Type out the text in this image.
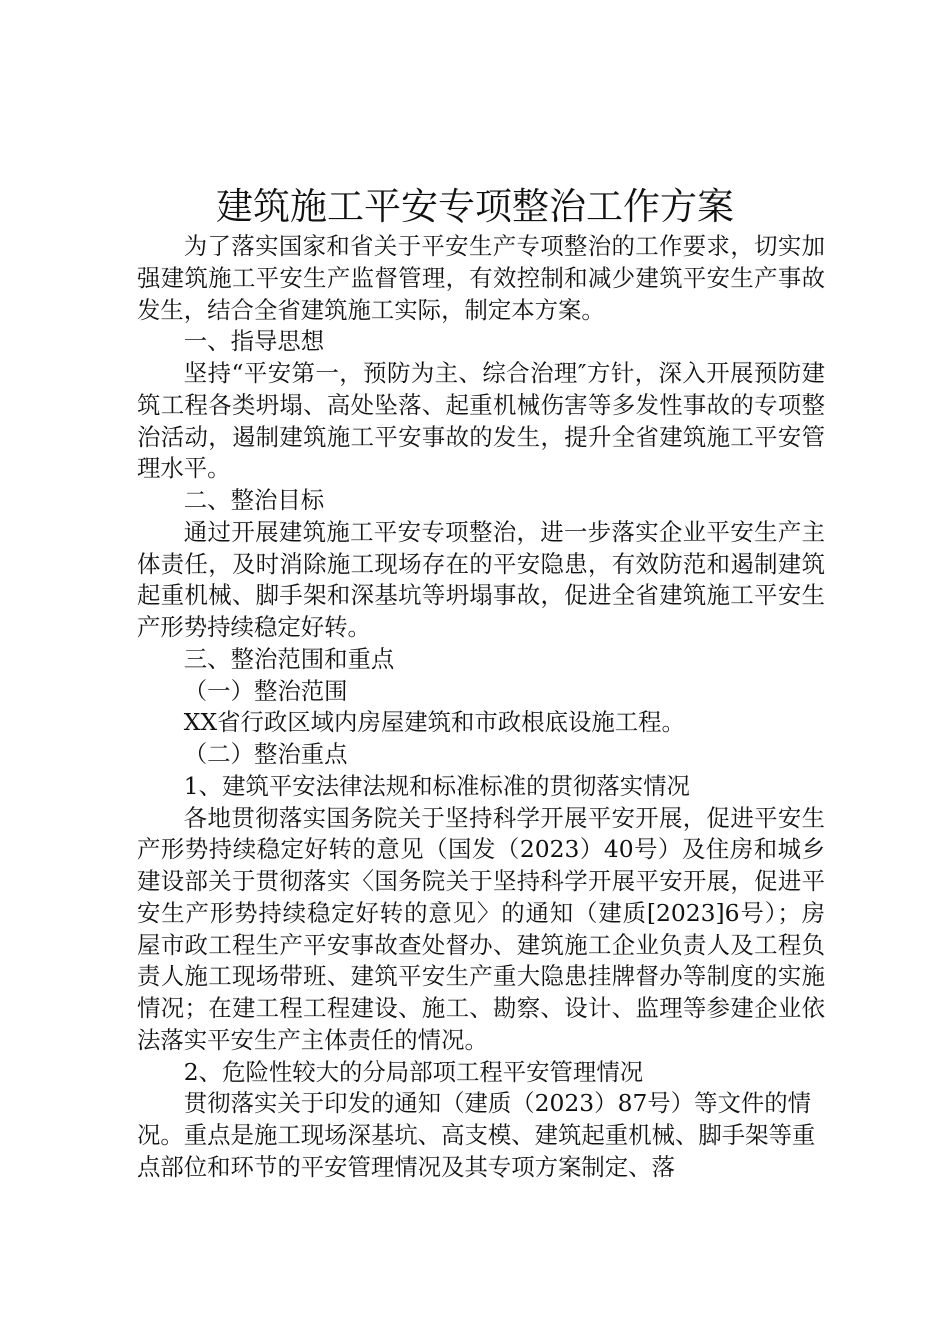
建筑施工平安专项整治工作方案

为了落实国家和省关于平安生产专项整治的工作要求，切实加强建筑施工平安生产监督管理，有效控制和减少建筑平安生产事故发生，结合全省建筑施工实际，制定本方案。

一、指导思想

坚持“平安第一，预防为主、综合治理″方针，深入开展预防建筑工程各类坍塌、高处坠落、起重机械伤害等多发性事故的专项整治活动，遏制建筑施工平安事故的发生，提升全省建筑施工平安管理水平。

二、整治目标

通过开展建筑施工平安专项整治，进一步落实企业平安生产主体责任，及时消除施工现场存在的平安隐患，有效防范和遏制建筑起重机械、脚手架和深基坑等坍塌事故，促进全省建筑施工平安生产形势持续稳定好转。

三、整治范围和重点

（一）整治范围

XX省行政区域内房屋建筑和市政根底设施工程。

（二）整治重点

1、建筑平安法律法规和标准标准的贯彻落实情况

各地贯彻落实国务院关于坚持科学开展平安开展，促进平安生产形势持续稳定好转的意见（国发（2023）40号）及住房和城乡建设部关于贯彻落实〈国务院关于坚持科学开展平安开展，促进平安生产形势持续稳定好转的意见〉的通知（建质[2023]6号）；房屋市政工程生产平安事故查处督办、建筑施工企业负责人及工程负责人施工现场带班、建筑平安生产重大隐患挂牌督办等制度的实施情况；在建工程工程建设、施工、勘察、设计、监理等参建企业依法落实平安生产主体责任的情况。

2、危险性较大的分局部项工程平安管理情况

贯彻落实关于印发的通知（建质（2023）87号）等文件的情况。重点是施工现场深基坑、高支模、建筑起重机械、脚手架等重点部位和环节的平安管理情况及其专项方案制定、落
